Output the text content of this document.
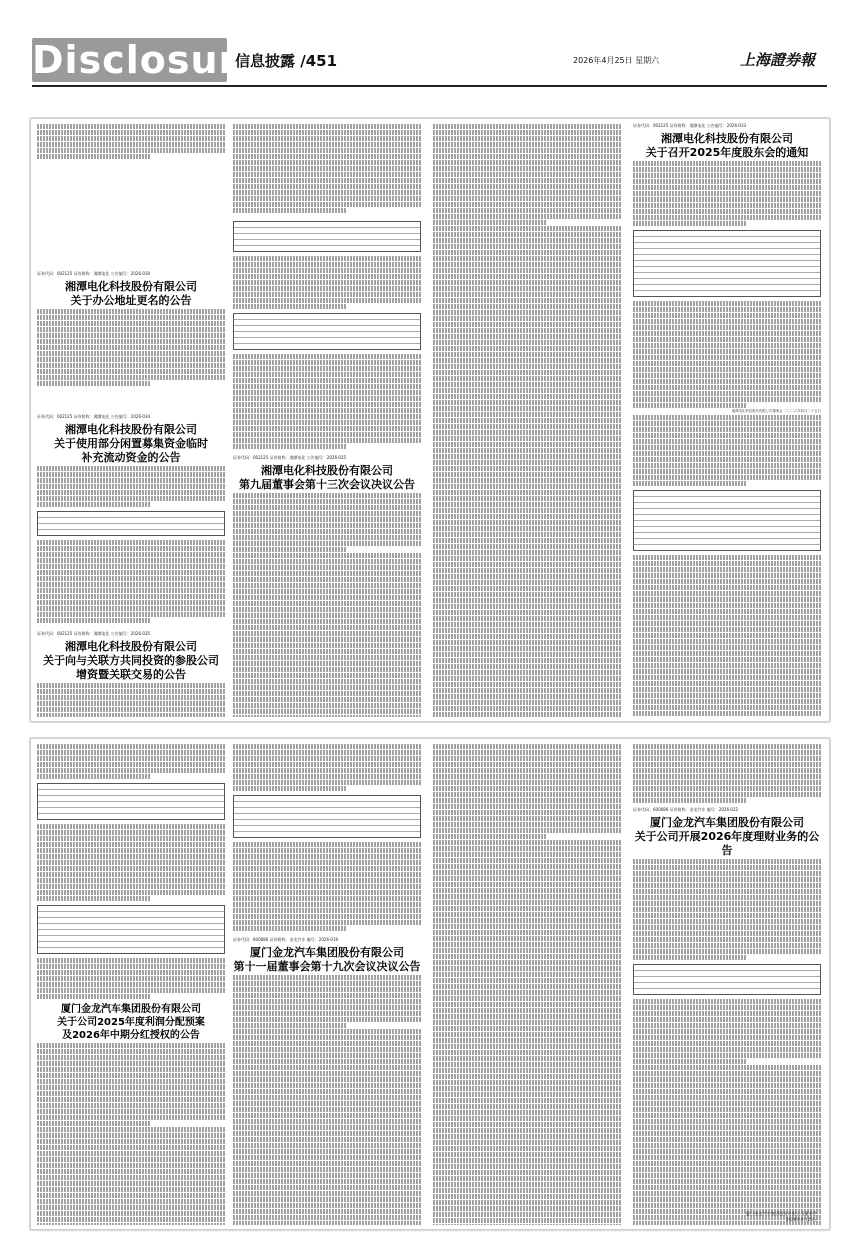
Disclosure
信息披露 /451	2026年4月25日 星期六	上海證券報
证券代码：002125 证券简称：湘潭电化 公告编号：2026-030
湘潭电化科技股份有限公司
关于办公地址更名的公告
证券代码：002125 证券简称：湘潭电化 公告编号：2026-034
湘潭电化科技股份有限公司
关于使用部分闲置募集资金临时
补充流动资金的公告
证券代码：002125 证券简称：湘潭电化 公告编号：2026-035
湘潭电化科技股份有限公司
关于向与关联方共同投资的参股公司
增资暨关联交易的公告
证券代码：002125 证券简称：湘潭电化 公告编号：2026-025
湘潭电化科技股份有限公司
第九届董事会第十三次会议决议公告
证券代码：002125 证券简称：湘潭电化 公告编号：2026-033
湘潭电化科技股份有限公司
关于召开2025年度股东会的通知
湘潭电化科技股份有限公司董事会 二〇二六年四月二十五日
厦门金龙汽车集团股份有限公司
关于公司2025年度利润分配预案
及2026年中期分红授权的公告
证券代码：600686 证券简称：金龙汽车 编号：2026-019
厦门金龙汽车集团股份有限公司
第十一届董事会第十九次会议决议公告
证券代码：600686 证券简称：金龙汽车 编号：2026-022
厦门金龙汽车集团股份有限公司
关于公司开展2026年度理财业务的公告
厦门金龙汽车集团股份有限公司董事会
2026年4月25日
